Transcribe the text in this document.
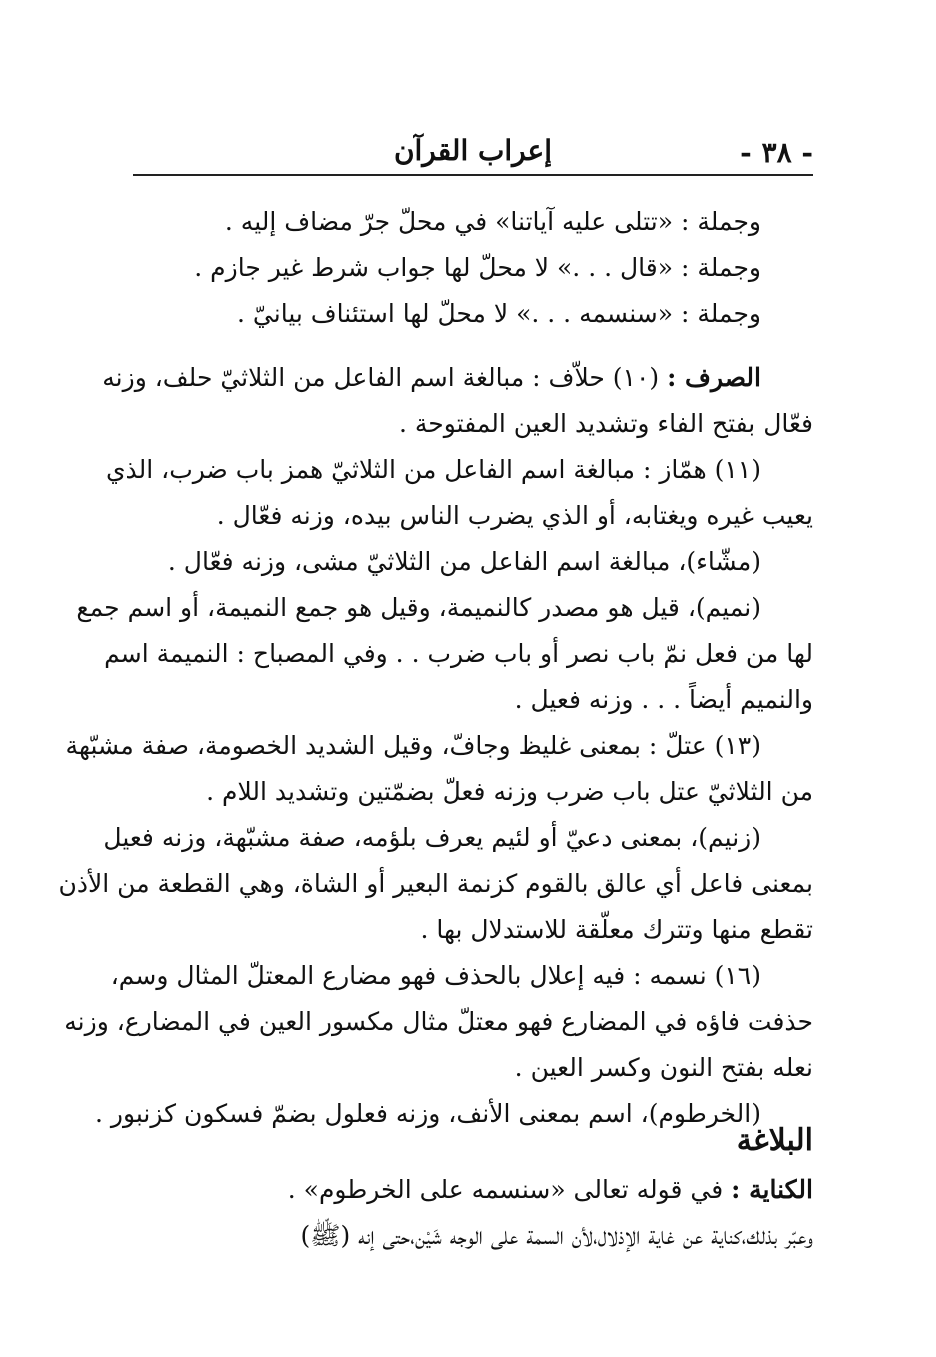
- ٣٨ -
إعراب القرآن
وجملة : «تتلى عليه آياتنا» في محلّ جرّ مضاف إليه .
وجملة : «قال . . .» لا محلّ لها جواب شرط غير جازم .
وجملة : «سنسمه . . .» لا محلّ لها استئناف بيانيّ .
الصرف : (١٠) حلاّف : مبالغة اسم الفاعل من الثلاثيّ حلف، وزنه
فعّال بفتح الفاء وتشديد العين المفتوحة .
(١١) همّاز : مبالغة اسم الفاعل من الثلاثيّ همز باب ضرب، الذي
يعيب غيره ويغتابه، أو الذي يضرب الناس بيده، وزنه فعّال .
(مشّاء)، مبالغة اسم الفاعل من الثلاثيّ مشى، وزنه فعّال .
(نميم)، قيل هو مصدر كالنميمة، وقيل هو جمع النميمة، أو اسم جمع
لها من فعل نمّ باب نصر أو باب ضرب . . وفي المصباح : النميمة اسم
والنميم أيضاً . . . وزنه فعيل .
(١٣) عتلّ : بمعنى غليظ وجافّ، وقيل الشديد الخصومة، صفة مشبّهة
من الثلاثيّ عتل باب ضرب وزنه فعلّ بضمّتين وتشديد اللام .
(زنيم)، بمعنى دعيّ أو لئيم يعرف بلؤمه، صفة مشبّهة، وزنه فعيل
بمعنى فاعل أي عالق بالقوم كزنمة البعير أو الشاة، وهي القطعة من الأذن
تقطع منها وتترك معلّقة للاستدلال بها .
(١٦) نسمه : فيه إعلال بالحذف فهو مضارع المعتلّ المثال وسم،
حذفت فاؤه في المضارع فهو معتلّ مثال مكسور العين في المضارع، وزنه
نعله بفتح النون وكسر العين .
(الخرطوم)، اسم بمعنى الأنف، وزنه فعلول بضمّ فسكون كزنبور .
البلاغة
الكناية : في قوله تعالى «سنسمه على الخرطوم» .
وعبّر بذلك،كناية عن غاية الإذلال،لأن السمة على الوجه شَيْن،حتى إنه (ﷺ)
